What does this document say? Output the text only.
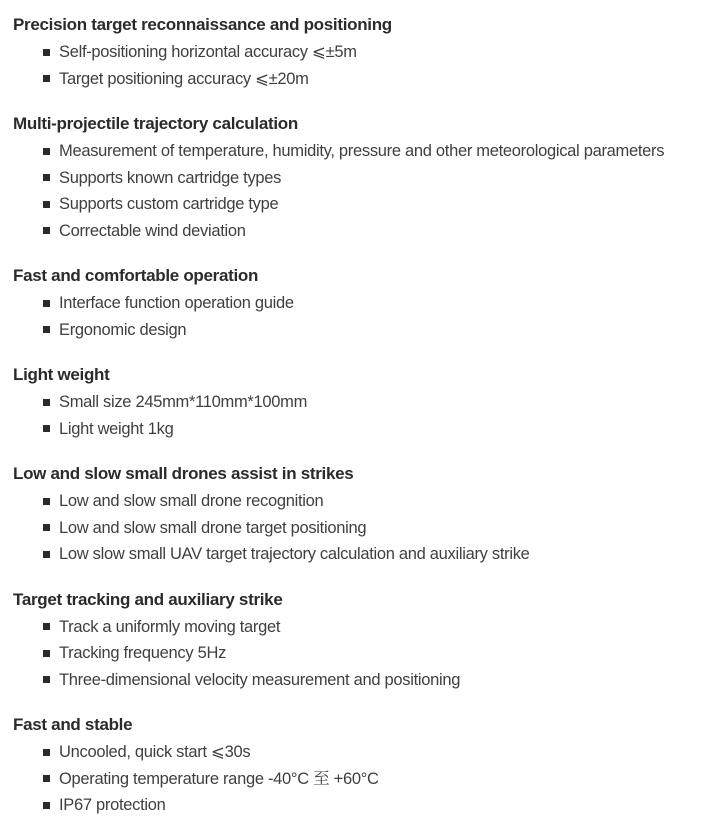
Precision target reconnaissance and positioning
Self-positioning horizontal accuracy ⩽±5m
Target positioning accuracy ⩽±20m
Multi-projectile trajectory calculation
Measurement of temperature, humidity, pressure and other meteorological parameters
Supports known cartridge types
Supports custom cartridge type
Correctable wind deviation
Fast and comfortable operation
Interface function operation guide
Ergonomic design
Light weight
Small size 245mm*110mm*100mm
Light weight 1kg
Low and slow small drones assist in strikes
Low and slow small drone recognition
Low and slow small drone target positioning
Low slow small UAV target trajectory calculation and auxiliary strike
Target tracking and auxiliary strike
Track a uniformly moving target
Tracking frequency 5Hz
Three-dimensional velocity measurement and positioning
Fast and stable
Uncooled, quick start ⩽30s
Operating temperature range -40°C 至 +60°C
IP67 protection
